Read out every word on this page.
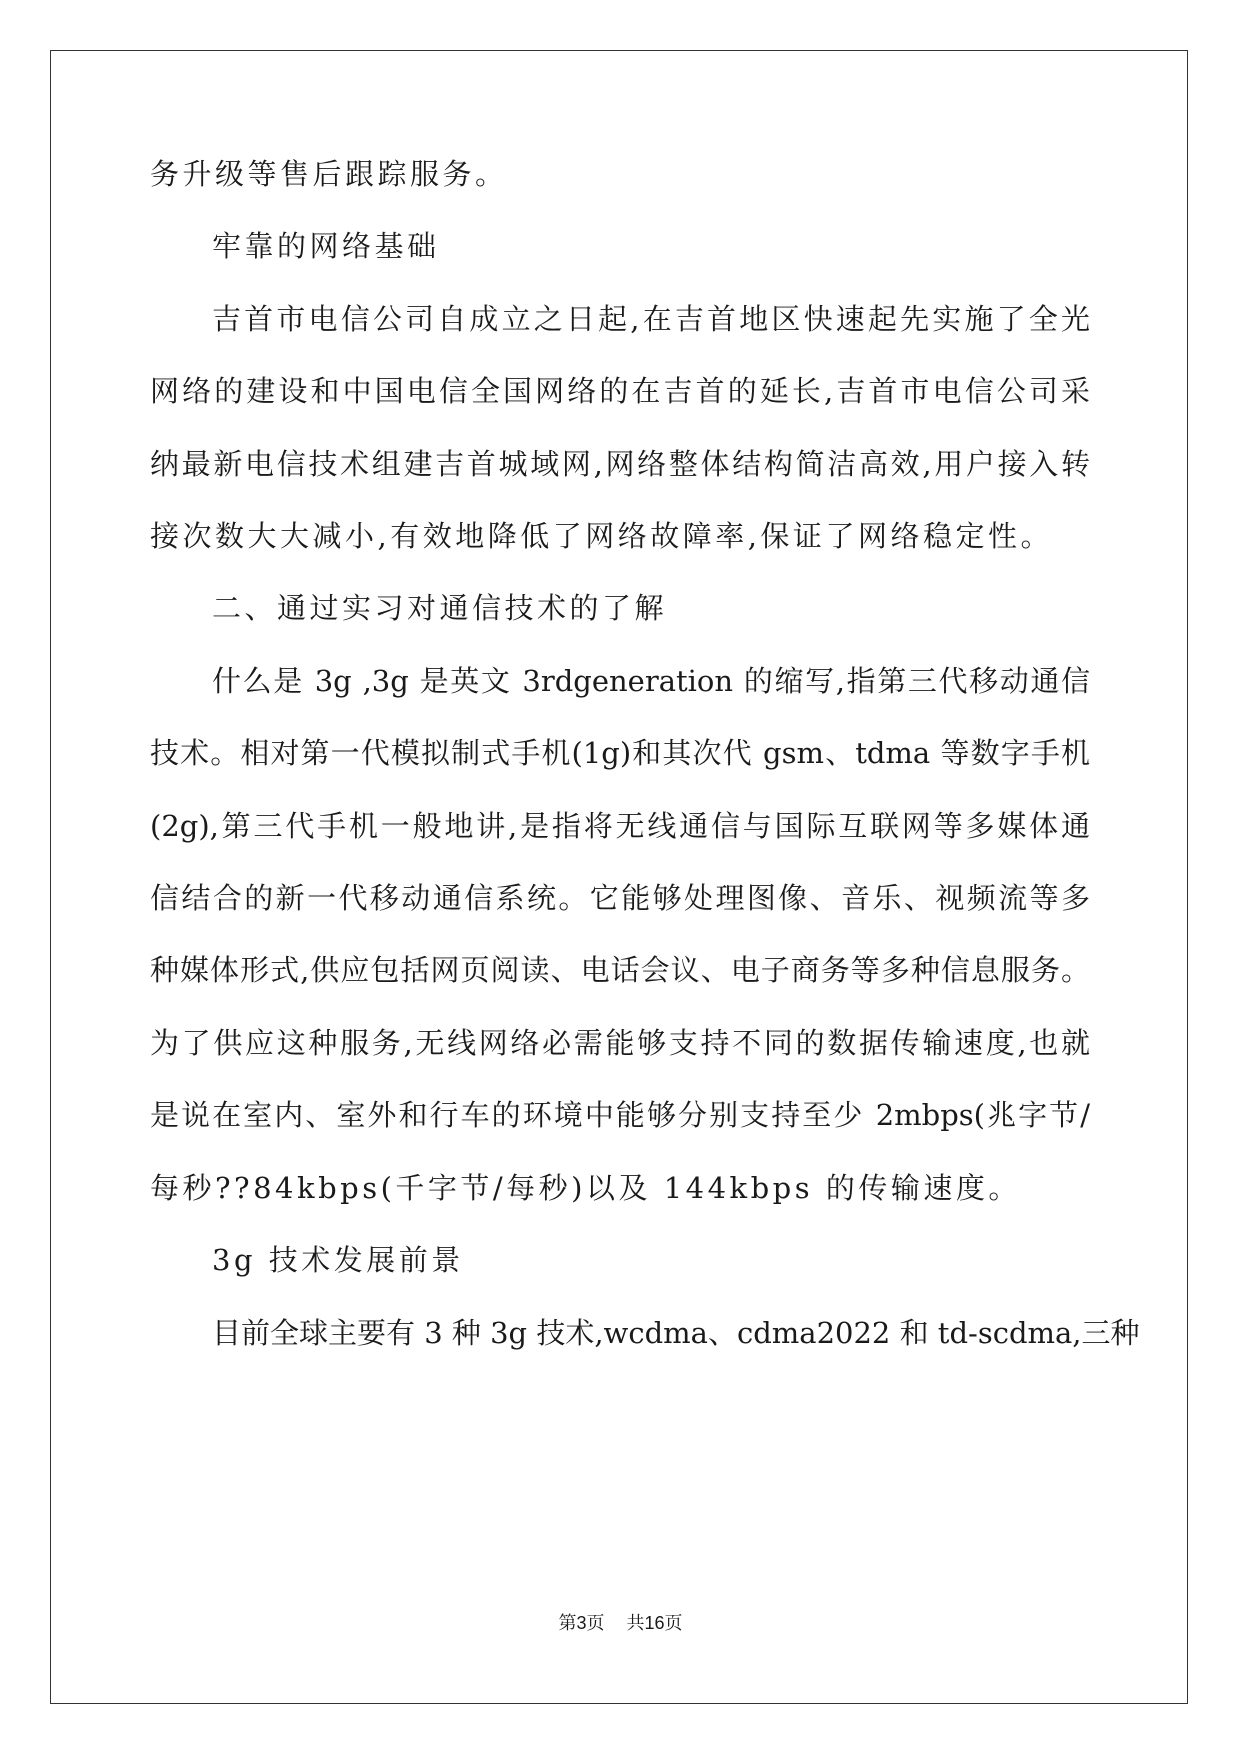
务升级等售后跟踪服务。
牢靠的网络基础
吉首市电信公司自成立之日起,在吉首地区快速起先实施了全光
网络的建设和中国电信全国网络的在吉首的延长,吉首市电信公司采
纳最新电信技术组建吉首城域网,网络整体结构简洁高效,用户接入转
接次数大大减小,有效地降低了网络故障率,保证了网络稳定性。
二、通过实习对通信技术的了解
什么是 3g ,3g 是英文 3rdgeneration 的缩写,指第三代移动通信
技术。相对第一代模拟制式手机(1g)和其次代 gsm、tdma 等数字手机
(2g),第三代手机一般地讲,是指将无线通信与国际互联网等多媒体通
信结合的新一代移动通信系统。它能够处理图像、音乐、视频流等多
种媒体形式,供应包括网页阅读、电话会议、电子商务等多种信息服务。
为了供应这种服务,无线网络必需能够支持不同的数据传输速度,也就
是说在室内、室外和行车的环境中能够分别支持至少 2mbps(兆字节/
每秒??84kbps(千字节/每秒)以及 144kbps 的传输速度。
3g 技术发展前景
目前全球主要有 3 种 3g 技术,wcdma、cdma2022 和 td-scdma,三种
第3页 共16页
